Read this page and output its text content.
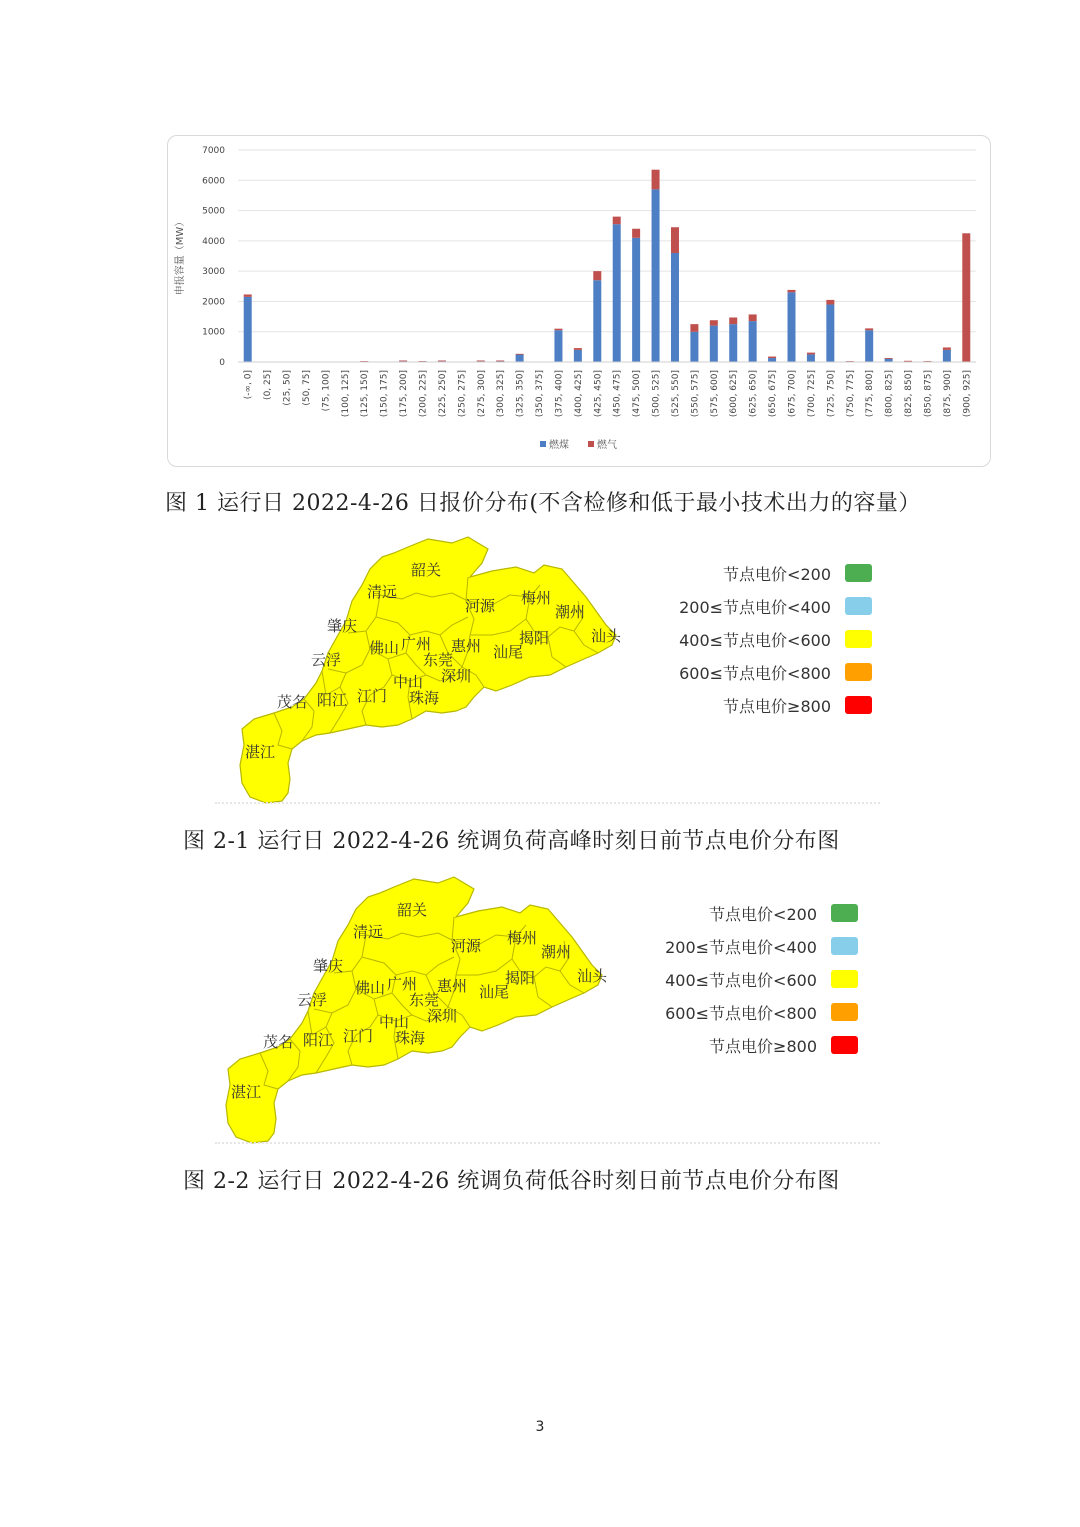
0
1000
2000
3000
4000
5000
6000
7000
申报容量（MW）
(-∞, 0] (0, 25] (25, 50] (50, 75] (75, 100] (100, 125] (125, 150] (150, 175] (175, 200] (200, 225] (225, 250] (250, 275] (275, 300] (300, 325] (325, 350] (350, 375] (375, 400] (400, 425] (425, 450] (450, 475] (475, 500] (500, 525] (525, 550] (550, 575] (575, 600] (600, 625] (625, 650] (650, 675] (675, 700] (700, 725] (725, 750] (750, 775] (775, 800] (800, 825] (825, 850] (850, 875] (875, 900] (900, 925]
燃煤	燃气
图 1 运行日 2022-4-26 日报价分布(不含检修和低于最小技术出力的容量）
韶关
清远
河源 梅州
潮州
汕头
揭阳
汕尾
惠州
肇庆
广州
佛山
东莞
深圳
云浮
中山
珠海
江门
阳江
茂名
湛江
节点电价<200
200≤节点电价<400
400≤节点电价<600
600≤节点电价<800
节点电价≥800
图 2-1 运行日 2022-4-26 统调负荷高峰时刻日前节点电价分布图
韶关
清远
河源 梅州
潮州
汕头
揭阳
汕尾
惠州
肇庆
广州
佛山
东莞
深圳
云浮
中山
珠海
江门
阳江
茂名
湛江
节点电价<200
200≤节点电价<400
400≤节点电价<600
600≤节点电价<800
节点电价≥800
图 2-2 运行日 2022-4-26 统调负荷低谷时刻日前节点电价分布图
3
